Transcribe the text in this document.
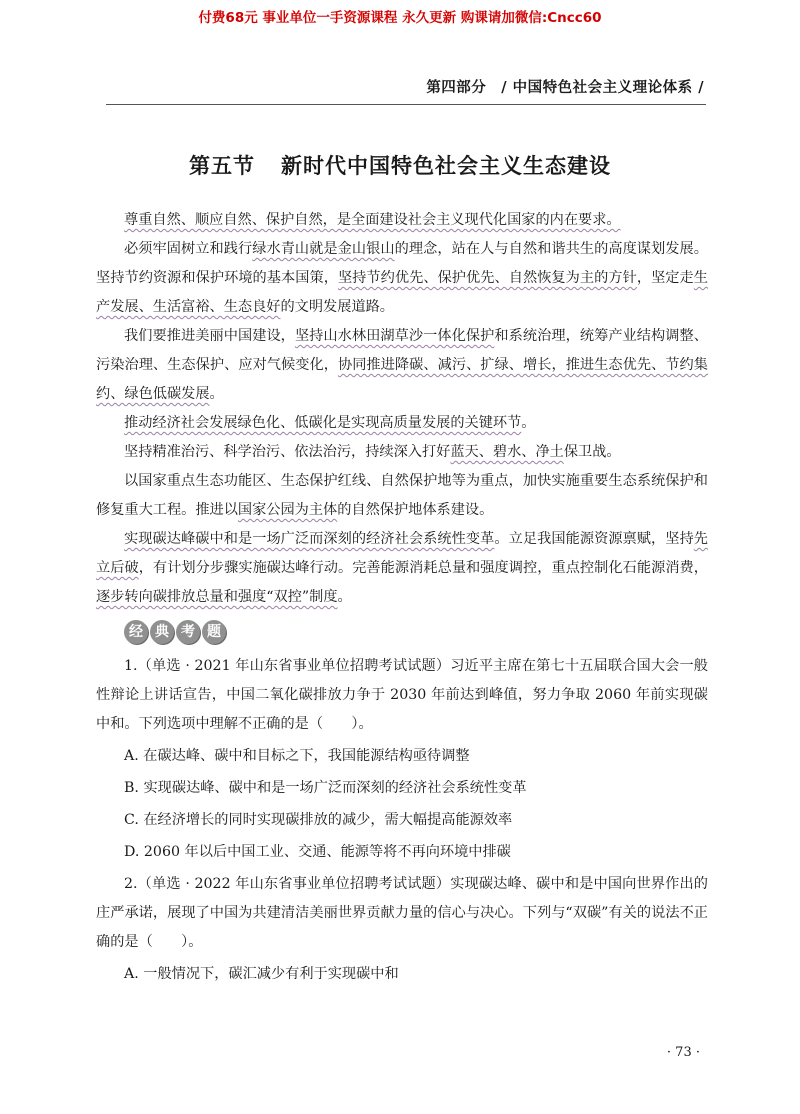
付费68元 事业单位一手资源课程 永久更新 购课请加微信:Cncc60
第四部分　/ 中国特色社会主义理论体系 /
第五节 新时代中国特色社会主义生态建设

尊重自然、顺应自然、保护自然，是全面建设社会主义现代化国家的内在要求。

必须牢固树立和践行绿水青山就是金山银山的理念，站在人与自然和谐共生的高度谋划发展。坚持节约资源和保护环境的基本国策，坚持节约优先、保护优先、自然恢复为主的方针，坚定走生产发展、生活富裕、生态良好的文明发展道路。

我们要推进美丽中国建设，坚持山水林田湖草沙一体化保护和系统治理，统筹产业结构调整、污染治理、生态保护、应对气候变化，协同推进降碳、减污、扩绿、增长，推进生态优先、节约集约、绿色低碳发展。

推动经济社会发展绿色化、低碳化是实现高质量发展的关键环节。

坚持精准治污、科学治污、依法治污，持续深入打好蓝天、碧水、净土保卫战。

以国家重点生态功能区、生态保护红线、自然保护地等为重点，加快实施重要生态系统保护和修复重大工程。推进以国家公园为主体的自然保护地体系建设。

实现碳达峰碳中和是一场广泛而深刻的经济社会系统性变革。立足我国能源资源禀赋，坚持先立后破，有计划分步骤实施碳达峰行动。完善能源消耗总量和强度调控，重点控制化石能源消费，逐步转向碳排放总量和强度“双控”制度。

经 典 考 题

1.（单选 · 2021 年山东省事业单位招聘考试试题）习近平主席在第七十五届联合国大会一般性辩论上讲话宣告，中国二氧化碳排放力争于 2030 年前达到峰值，努力争取 2060 年前实现碳中和。下列选项中理解不正确的是（　　）。

A. 在碳达峰、碳中和目标之下，我国能源结构亟待调整

B. 实现碳达峰、碳中和是一场广泛而深刻的经济社会系统性变革

C. 在经济增长的同时实现碳排放的减少，需大幅提高能源效率

D. 2060 年以后中国工业、交通、能源等将不再向环境中排碳

2.（单选 · 2022 年山东省事业单位招聘考试试题）实现碳达峰、碳中和是中国向世界作出的庄严承诺，展现了中国为共建清洁美丽世界贡献力量的信心与决心。下列与“双碳”有关的说法不正确的是（　　）。

A. 一般情况下，碳汇减少有利于实现碳中和

· 73 ·
